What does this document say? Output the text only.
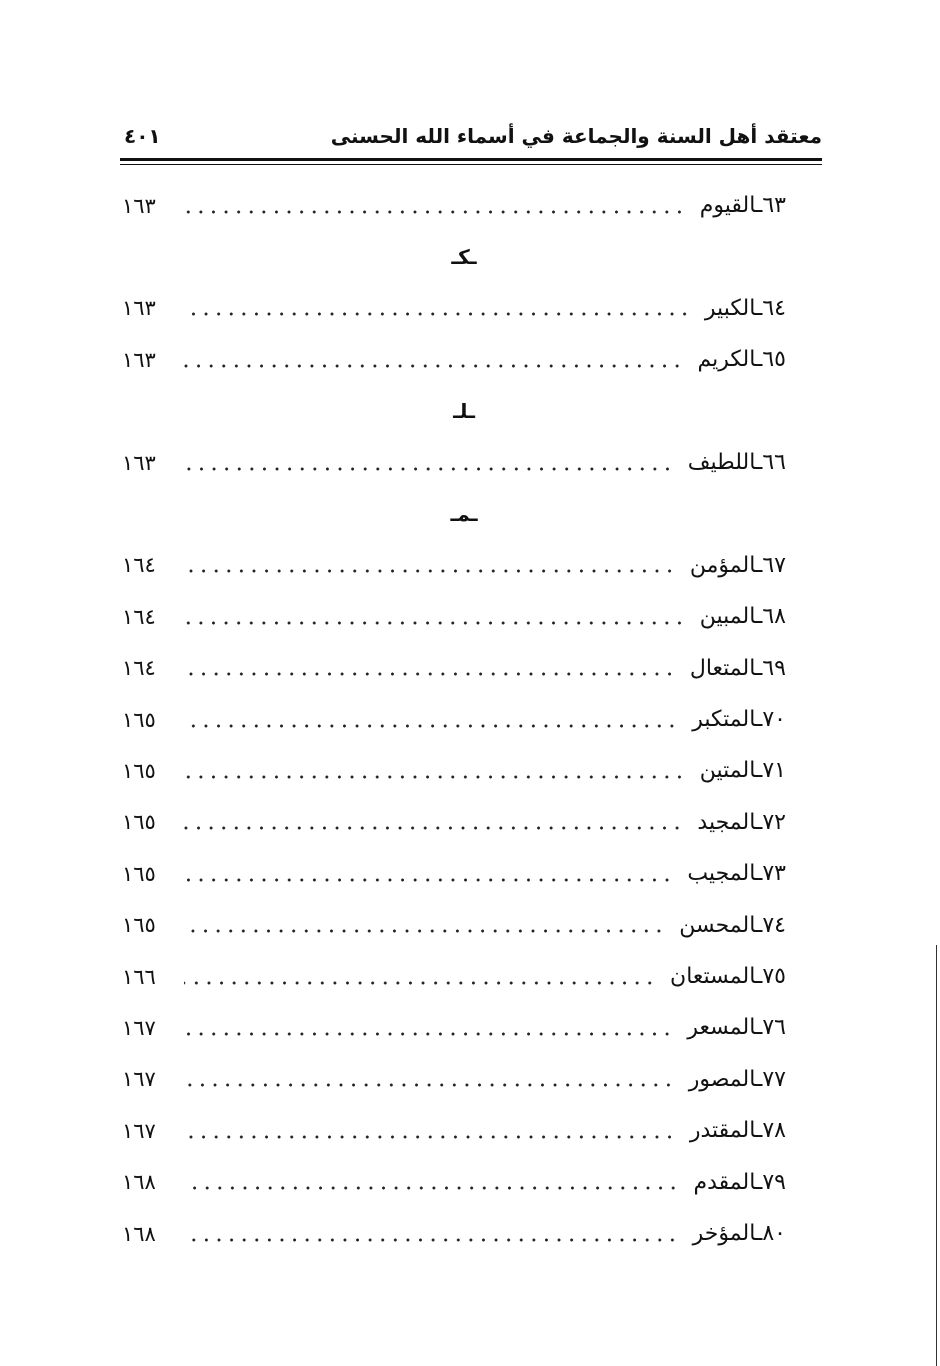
معتقد أهل السنة والجماعة في أسماء الله الحسنى
٤٠١
٦٣ـالقيوم
١٦٣
ـكـ
٦٤ـالكبير
١٦٣
٦٥ـالكريم
١٦٣
ـلـ
٦٦ـاللطيف
١٦٣
ـمـ
٦٧ـالمؤمن
١٦٤
٦٨ـالمبين
١٦٤
٦٩ـالمتعال
١٦٤
٧٠ـالمتكبر
١٦٥
٧١ـالمتين
١٦٥
٧٢ـالمجيد
١٦٥
٧٣ـالمجيب
١٦٥
٧٤ـالمحسن
١٦٥
٧٥ـالمستعان
١٦٦
٧٦ـالمسعر
١٦٧
٧٧ـالمصور
١٦٧
٧٨ـالمقتدر
١٦٧
٧٩ـالمقدم
١٦٨
٨٠ـالمؤخر
١٦٨
